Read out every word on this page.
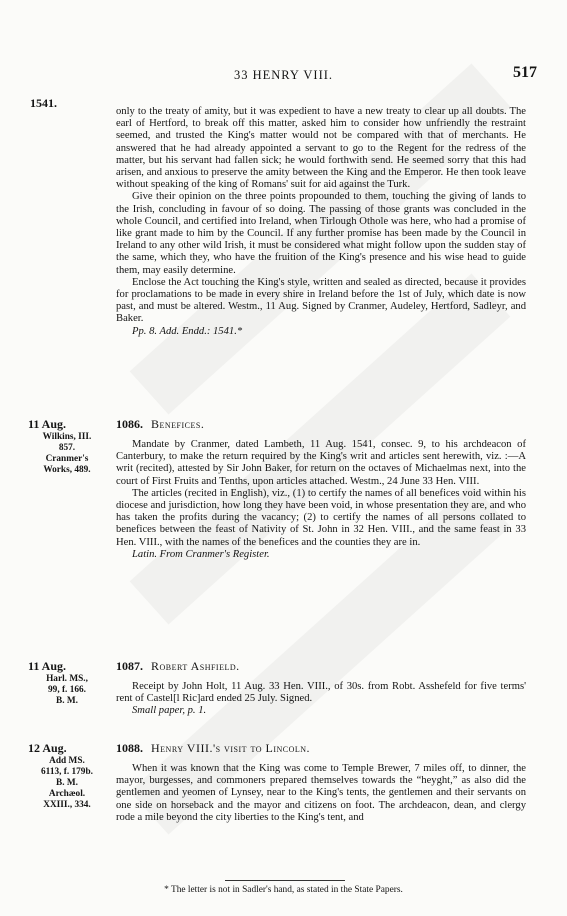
33 HENRY VIII.	517
1541.

only to the treaty of amity, but it was expedient to have a new treaty to clear up all doubts. The earl of Hertford, to break off this matter, asked him to consider how unfriendly the restraint seemed, and trusted the King's matter would not be compared with that of merchants. He answered that he had already appointed a servant to go to the Regent for the redress of the matter, but his servant had fallen sick; he would forthwith send. He seemed sorry that this had arisen, and anxious to preserve the amity between the King and the Emperor. He then took leave without speaking of the king of Romans' suit for aid against the Turk.

Give their opinion on the three points propounded to them, touching the giving of lands to the Irish, concluding in favour of so doing. The passing of those grants was concluded in the whole Council, and certified into Ireland, when Tirlough Othole was here, who had a promise of like grant made to him by the Council. If any further promise has been made by the Council in Ireland to any other wild Irish, it must be considered what might follow upon the sudden stay of the same, which they, who have the fruition of the King's presence and his wise head to guide them, may easily determine.

Enclose the Act touching the King's style, written and sealed as directed, because it provides for proclamations to be made in every shire in Ireland before the 1st of July, which date is now past, and must be altered. Westm., 11 Aug. Signed by Cranmer, Audeley, Hertford, Sadleyr, and Baker.

Pp. 8. Add. Endd.: 1541.*

11 Aug.
Wilkins, III.
857.
Cranmer's
Works, 489.
1086. Benefices.

Mandate by Cranmer, dated Lambeth, 11 Aug. 1541, consec. 9, to his archdeacon of Canterbury, to make the return required by the King's writ and articles sent herewith, viz. :—A writ (recited), attested by Sir John Baker, for return on the octaves of Michaelmas next, into the court of First Fruits and Tenths, upon articles attached. Westm., 24 June 33 Hen. VIII.

The articles (recited in English), viz., (1) to certify the names of all benefices void within his diocese and jurisdiction, how long they have been void, in whose presentation they are, and who has taken the profits during the vacancy; (2) to certify the names of all persons collated to benefices between the feast of Nativity of St. John in 32 Hen. VIII., and the same feast in 33 Hen. VIII., with the names of the benefices and the counties they are in.

Latin. From Cranmer's Register.

11 Aug.
Harl. MS.,
99, f. 166.
B. M.
1087. Robert Ashfield.

Receipt by John Holt, 11 Aug. 33 Hen. VIII., of 30s. from Robt. Asshefeld for five terms' rent of Castel[l Ric]ard ended 25 July. Signed.

Small paper, p. 1.

12 Aug.
Add MS.
6113, f. 179b.
B. M.
Archæol.
XXIII., 334.
1088. Henry VIII.'s visit to Lincoln.

When it was known that the King was come to Temple Brewer, 7 miles off, to dinner, the mayor, burgesses, and commoners prepared themselves towards the “heyght,” as also did the gentlemen and yeomen of Lynsey, near to the King's tents, the gentlemen and their servants on one side on horseback and the mayor and citizens on foot. The archdeacon, dean, and clergy rode a mile beyond the city liberties to the King's tent, and

* The letter is not in Sadler's hand, as stated in the State Papers.
